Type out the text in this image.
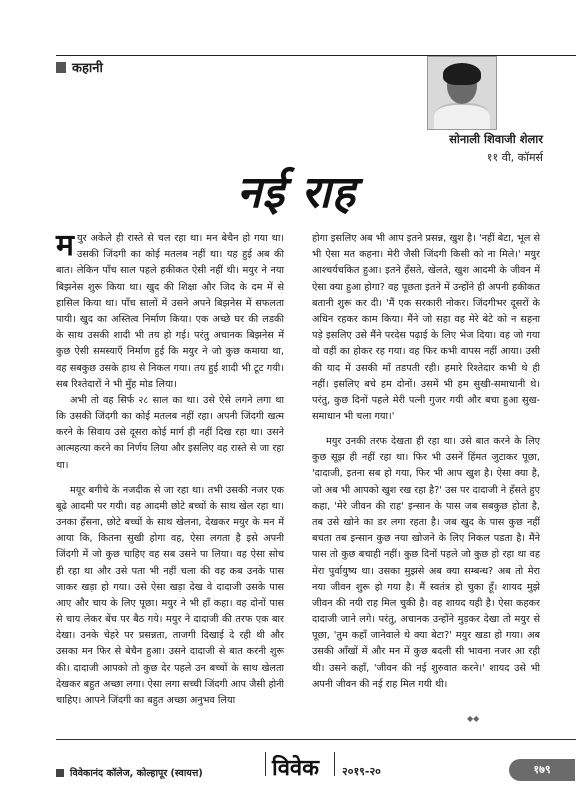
कहानी
सोनाली शिवाजी शेलार
११ वी, कॉमर्स
नई राह

मयुर अकेले ही रास्ते से चल रहा था। मन बेचैन हो गया था। उसकी जिंदगी का कोई मतलब नहीं था। यह हुई अब की बात। लेकिन पाँच साल पहले हकीकत ऐसी नहीं थी। मयुर ने नया बिझनेस शुरू किया था। खुद की शिक्षा और जिद के दम में से हासिल किया था। पाँच सालों में उसने अपने बिझनेस में सफलता पायी। खुद का अस्तित्व निर्माण किया। एक अच्छे घर की लडकी के साथ उसकी शादी भी तय हो गई। परंतु अचानक बिझनेस में कुछ ऐसी समस्याएँ निर्माण हुई कि मयुर ने जो कुछ कमाया था, वह सबकुछ उसके हाथ से निकल गया। तय हुई शादी भी टूट गयी। सब रिश्तेदारों ने भी मुँह मोड लिया।

अभी तो वह सिर्फ २८ साल का था। उसे ऐसे लगने लगा था कि उसकी जिंदगी का कोई मतलब नहीं रहा। अपनी जिंदगी खत्म करने के सिवाय उसे दूसरा कोई मार्ग ही नहीं दिख रहा था। उसने आत्महत्या करने का निर्णय लिया और इसलिए वह रास्ते से जा रहा था।

मयूर बगीचे के नजदीक से जा रहा था। तभी उसकी नजर एक बूढे आदमी पर गयी। वह आदमी छोटे बच्चों के साथ खेल रहा था। उनका हँसना, छोटे बच्चों के साथ खेलना, देखकर मयुर के मन में आया कि, कितना सुखी होगा वह, ऐसा लगता है इसे अपनी जिंदगी में जो कुछ चाहिए वह सब उसने पा लिया। वह ऐसा सोच ही रहा था और उसे पता भी नहीं चला की वह कब उनके पास जाकर खड़ा हो गया। उसे ऐसा खड़ा देख वे दादाजी उसके पास आए और चाय के लिए पूछा। मयुर ने भी हाँ कहा। वह दोनों पास से चाय लेकर बेंच पर बैठ गये। मयुर ने दादाजी की तरफ एक बार देखा। उनके चेहरे पर प्रसन्नता, ताजगी दिखाई दे रही थी और उसका मन फिर से बेचैन हुआ। उसने दादाजी से बात करनी शुरू की। दादाजी आपको तो कुछ देर पहले उन बच्चों के साथ खेलता देखकर बहुत अच्छा लगा। ऐसा लगा सच्ची जिंदगी आप जैसी होनी चाहिए। आपने जिंदगी का बहुत अच्छा अनुभव लिया

होगा इसलिए अब भी आप इतने प्रसन्न, खुश है। 'नहीं बेटा, भूल से भी ऐसा मत कहना। मेरी जैसी जिंदगी किसी को ना मिले।' मयुर आश्चर्यचकित हुआ। इतने हँसते, खेलते, खुश आदमी के जीवन में ऐसा क्या हुआ होगा? वह पूछता इतने में उन्होंने ही अपनी हकीकत बतानी शुरू कर दी। 'मैं एक सरकारी नोकर। जिंदगीभर दूसरों के अधिन रहकर काम किया। मैंने जो सहा वह मेरे बेटे को न सहना पड़े इसलिए उसे मैंने परदेस पढ़ाई के लिए भेज दिया। वह जो गया वो वहीं का होकर रह गया। वह फिर कभी वापस नहीं आया। उसी की याद में उसकी माँ तडपती रही। हमारे रिश्तेदार कभी थे ही नहीं। इसलिए बचे हम दोनों। उसमें भी हम सुखी-समाधानी थे। परंतु, कुछ दिनों पहले मेरी पत्नी गुजर गयी और बचा हुआ सुख-समाधान भी चला गया।'

मयुर उनकी तरफ देखता ही रहा था। उसे बात करने के लिए कुछ सूझ ही नहीं रहा था। फिर भी उसनें हिंमत जुटाकर पूछा, 'दादाजी, इतना सब हो गया, फिर भी आप खुश है। ऐसा क्या है, जो अब भी आपको खुश रख रहा है?' उस पर दादाजी ने हँसते हुए कहा, 'मेरे जीवन की राह' इन्सान के पास जब सबकुछ होता है, तब उसे खोने का डर लगा रहता है। जब खुद के पास कुछ नहीं बचता तब इन्सान कुछ नया खोजने के लिए निकल पडता है। मैंने पास तो कुछ बचाही नहीं। कुछ दिनों पहले जो कुछ हो रहा था वह मेरा पुर्वायुष्य था। उसका मुझसे अब क्या सम्बन्ध? अब तो मेरा नया जीवन शुरू हो गया है। मैं स्वतंत्र हो चुका हूँ। शायद मुझे जीवन की नयी राह मिल चुकी है। वह शायद यही है। ऐसा कहकर दादाजी जाने लगे। परंतु, अचानक उन्होंने मुड़कर देखा तो मयुर से पूछा, 'तुम कहाँ जानेवाले थे क्या बेटा?' मयुर खडा हो गया। अब उसकी आँखों में और मन में कुछ बदली सी भावना नजर आ रही थी। उसने कहाँ, 'जीवन की नई शुरुवात करने।' शायद उसे भी अपनी जीवन की नई राह मिल गयी थी।

◆◆
विवेकानंद कॉलेज, कोल्हापूर (स्वायत्त)	विवेक २०१९-२०	१७९
